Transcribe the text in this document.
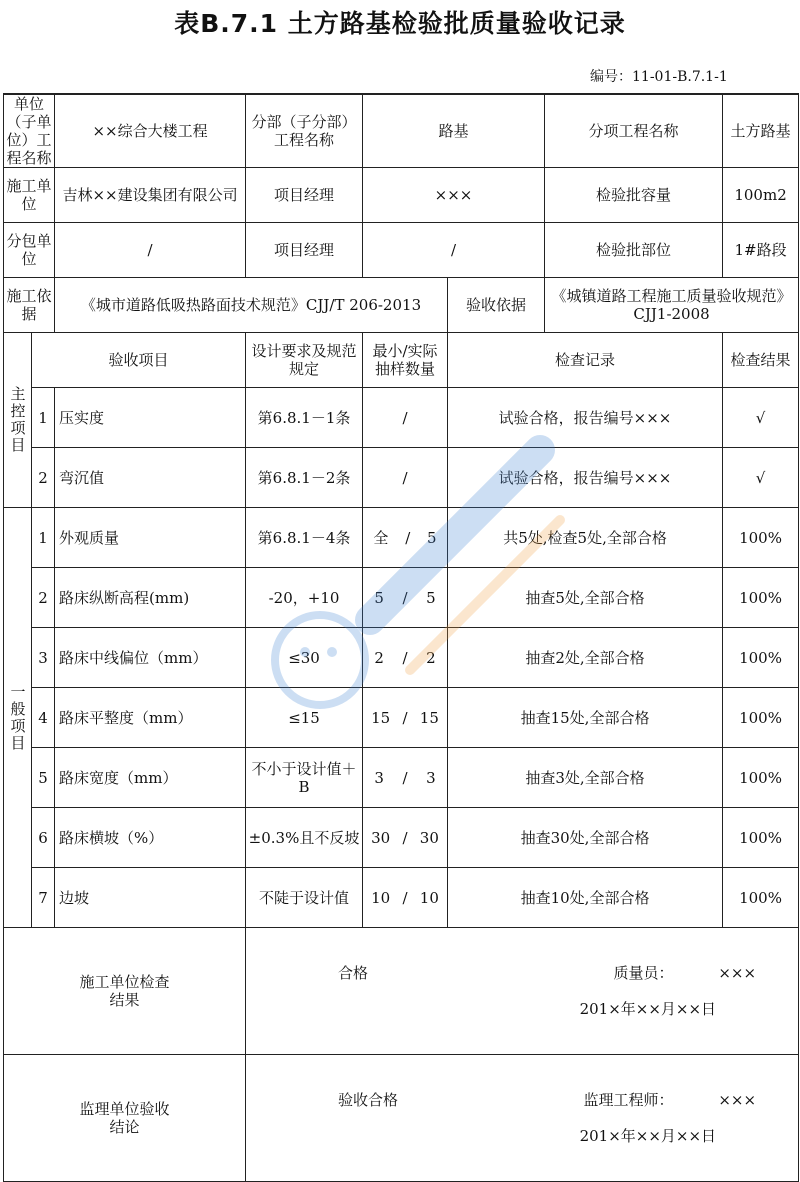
表B.7.1 土方路基检验批质量验收记录
编号：11-01-B.7.1-1
单位（子单位）工程名称		××综合大楼工程	分部（子分部）工程名称	路基		分项工程名称	土方路基
施工单位		吉林××建设集团有限公司	项目经理	×××		检验批容量	100m2
分包单位		/	项目经理	/		检验批部位	1#路段
施工依据		《城市道路低吸热路面技术规范》CJJ/T 206-2013			验收依据	《城镇道路工程施工质量验收规范》CJJ1-2008	
主控项目	验收项目		设计要求及规范规定	最小/实际抽样数量	检查记录		检查结果
	1	压实度	第6.8.1－1条	/	试验合格，报告编号×××		√
	2	弯沉值	第6.8.1－2条	/	试验合格，报告编号×××		√
一般项目	1	外观质量	第6.8.1－4条	全 / 5	共5处,检查5处,全部合格		100%
	2	路床纵断高程(mm)	-20，+10	5 / 5	抽查5处,全部合格		100%
	3	路床中线偏位（mm）	≤30	2 / 2	抽查2处,全部合格		100%
	4	路床平整度（mm）	≤15	15 / 15	抽查15处,全部合格		100%
	5	路床宽度（mm）	不小于设计值＋B	3 / 3	抽查3处,全部合格		100%
	6	路床横坡（%）	±0.3%且不反坡	30 / 30	抽查30处,全部合格		100%
	7	边坡	不陡于设计值	10 / 10	抽查10处,全部合格		100%
施工单位检查结果			合格 质量员： ×××
201×年××月××日				

监理单位验收结论			验收合格 监理工程师： ×××
201×年××月××日				
